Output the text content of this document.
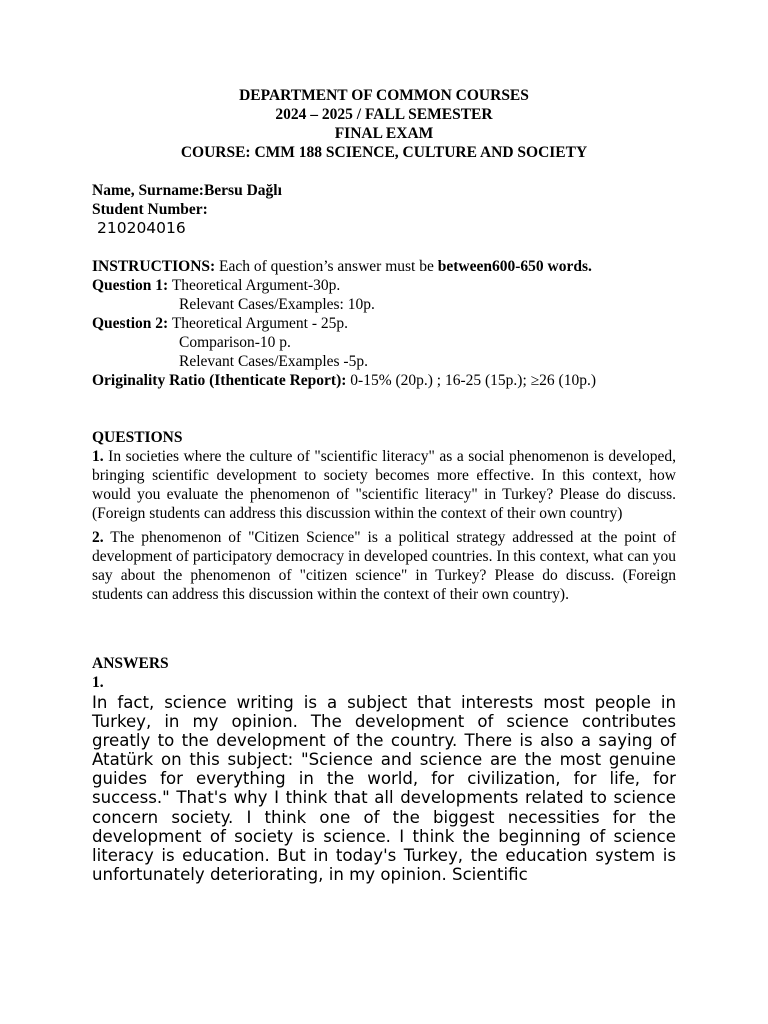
DEPARTMENT OF COMMON COURSES
2024 – 2025 / FALL SEMESTER
FINAL EXAM
COURSE: CMM 188 SCIENCE, CULTURE AND SOCIETY
Name, Surname:Bersu Dağlı
Student Number:
210204016
INSTRUCTIONS: Each of question’s answer must be between600-650 words.
Question 1: Theoretical Argument-30p.
Relevant Cases/Examples: 10p.
Question 2: Theoretical Argument - 25p.
Comparison-10 p.
Relevant Cases/Examples -5p.
Originality Ratio (Ithenticate Report): 0-15% (20p.) ; 16-25 (15p.); ≥26 (10p.)
QUESTIONS

1. In societies where the culture of "scientific literacy" as a social phenomenon is developed, bringing scientific development to society becomes more effective. In this context, how would you evaluate the phenomenon of "scientific literacy" in Turkey? Please do discuss. (Foreign students can address this discussion within the context of their own country)

2. The phenomenon of "Citizen Science" is a political strategy addressed at the point of development of participatory democracy in developed countries. In this context, what can you say about the phenomenon of "citizen science" in Turkey? Please do discuss. (Foreign students can address this discussion within the context of their own country).

ANSWERS
1.
In fact, science writing is a subject that interests most people in Turkey, in my opinion. The development of science contributes greatly to the development of the country. There is also a saying of Atatürk on this subject: "Science and science are the most genuine guides for everything in the world, for civilization, for life, for success." That's why I think that all developments related to science concern society. I think one of the biggest necessities for the development of society is science. I think the beginning of science literacy is education. But in today's Turkey, the education system is unfortunately deteriorating, in my opinion. Scientific
